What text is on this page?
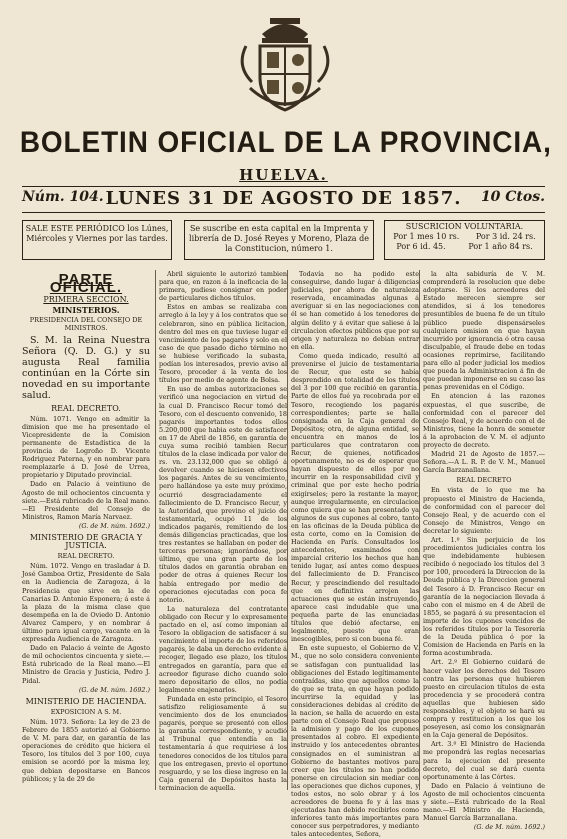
BOLETIN OFICIAL DE LA PROVINCIA,
HUELVA.
Núm. 104. LUNES 31 DE AGOSTO DE 1857.	10 Ctos.
SALE ESTE PERIÓDICO los Lúnes, Miércoles y Viernes por las tardes.
Se suscribe en esta capital en la Imprenta y librería de D. José Reyes y Moreno, Plaza de la Constitucion, número 1.
SUSCRICION VOLUNTARIA.
Por 1 mes 10 rs. Por 3 id. 24 rs.
Por 6 id. 45.	Por 1 año 84 rs.
PARTE OFICIAL.
PRIMERA SECCION.
MINISTERIOS.
PRESIDENCIA DEL CONSEJO DE MINISTROS.

S. M. la Reina Nuestra Señora (Q. D. G.) y su augusta Real familia continúan en la Córte sin novedad en su importante salud.

REAL DECRETO.

Núm. 1071. Vengo en admitir la dimision que me ha presentado el Vicepresidente de la Comision permanente de Estadística de la provincia de Logroño D. Vicente Rodriguez Paterna, y en nombrar para reemplazarle á D. José de Urrea, propietario y Diputado provincial.

Dado en Palacio á veintiuno de Agosto de mil ochocientos cincuenta y siete.—Está rubricado de la Real mano.—El Presidente del Consejo de Ministros, Ramon María Narvaez.

(G. de M. núm. 1692.)
MINISTERIO DE GRACIA Y JUSTICIA.
REAL DECRETO.

Núm. 1072. Vengo en trasladar á D. José Gamboa Ortiz, Presidente de Sala en la Audiencia de Zaragoza, á la Presidencia que sirve en la de Canarias D. Antonio Esponera; á este á la plaza de la misma clase que desempeña en la de Oviedo D. Antonio Alvarez Campero, y en nombrar á último para igual cargo, vacante en la expresada Audiencia de Zaragoza.

Dado en Palacio á veinte de Agosto de mil ochocientos cincuenta y siete.—Está rubricado de la Real mano.—El Ministro de Gracia y Justicia, Pedro J. Pidal.

(G. de M. núm. 1692.)
MINISTERIO DE HACIENDA.
EXPOSICION A S. M.

Núm. 1073. Señora: La ley de 23 de Febrero de 1855 autorizó al Gobierno de V. M. para dar, en garantía de las operaciones de crédito que hiciera el Tesoro, los títulos del 3 por 100, cuya emision se acordó por la misma ley, que debian depositarse en Bancos públicos; y la de 29 de

Abril siguiente le autorizó tambien para que, en razon á la ineficacia de la primera, pudiese consignar en poder de particulares dichos títulos.

Estos en ambas se realizaba con arreglo á la ley y á los contratos que se celebraron, sino en pública licitacion, dentro del mes en que tuviese lugar el vencimiento de los pagarés y solo en el caso de que pasado dicho término no se hubiese verificado la subasta, podían los interesados, previo aviso al Tesoro, proceder á la venta de los títulos por medio de agente de Bolsa.

En uso de ambas autorizaciones se verificó una negociacion en virtud de la cual D. Francisco Recur tomó del Tesoro, con el descuento convenido, 18 pagarés importantes todos ellos 5.200,000 que habia este de satisfacer en 17 de Abril de 1856, en garantía de cuya suma recibió tambien Recur títulos de la clase indicada por valor de rs. vn. 23.132,000 que se obligó á devolver cuando se hiciesen efectivos los pagarés. Antes de su vencimiento, pero hallándose ya este muy próximo, ocurrió desgraciadamente el fallecimiento de D. Francisco Recur, y la Autoridad, que previno el juicio de testamentaría, ocupó 11 de los indicados pagarés, remitiendo de los demás diligencias practicadas, que los tres restantes se hallaban en poder de terceras personas; ignorándose, por último, que una gran parte de los títulos dados en garantía obraban en poder de otras á quienes Recur los había entregado por medio de operaciones ejecutadas con poca fe notorio.

La naturaleza del contratante obligado con Recur y lo expresamente pactado en el, así como imponian al Tesoro la obligacion de satisfacer á su vencimiento el importe de los referidos pagarés, le daba un derecho evidente á recoger, llegado ese plazo, los títulos entregados en garantía, para que el acreedor figurase dicho cuando solo mero depositario de ellos, no podía legalmente enajenarlos.

Fundada en este principio, el Tesoro satisfizo religiosamente á su vencimiento dos de los enunciados pagarés, porque se presentó con ellos la garantía correspondiente, y acudió al Tribunal que entendía en la testamentaría á que requiriese á los tenedores conocidos de los títulos para que los entregasen, previo el oportuno resguardo, y se los diese ingreso en la Caja general de Depósitos hasta la terminacion de aquella.

Todavía no ha podido este conseguirse, dando lugar á diligencias judiciales, por ahora de naturaleza reservada, encaminadas algunas á averiguar si en las negociaciones con él se han cometido á los tenedores de algún delito y á evitar que saliese á la circulacion efectos públicos que por su origen y naturaleza no debian entrar en ella.

Como queda indicado, resultó al prevenirse el juicio de testamentaria de Recur, que este se había desprendido en totalidad de los títulos del 3 por 100 que recibió en garantía. Parte de ellos fué ya recobrada por el Tesoro, recogiendo los pagarés correspondientes; parte se halla consignada en la Caja general de Depósitos; otra, de alguna entidad, se encuentra en manos de los particulares que contrataron con Recur, de quienes, notificados oportunamente, no es de esperar que hayan dispuesto de ellos por no incurrir en la responsabilidad civil y criminal que por este hecho podría exigírseles; pero la restante la mayor, aunque irregularmente, en circulacion como quiera que se han presentado ya algunos de sus cupones al cobro, tanto en las oficinas de la Deuda pública de esta corte, como en la Comision de Hacienda en París. Consultados los antecedentes, examinados con imparcial criterio los hechos que han tenido lugar, así antes como despues del fallecimiento de D. Francisco Recur, y prescindiendo del resultado que en definitiva arrojen las actuaciones que se están instruyendo, aparece casi indudable que una pequeña parte de las enunciadas títulos que debió afectarse, en legalmente, puesto que eran inescogibles, pero si con buena fé.

En este supuesto, el Gobierno de V. M., que no solo considera conveniente se satisfagan con puntualidad las obligaciones del Estado legítimamente contraídas, sino que aquellos como la de que se trata, en que hayan podido incurrirse la equidad y las consideraciones debidas al crédito de la nacion, se halla de acuerdo en esta parte con el Consejo Real que propuso la admision y pago de los cupones presentados al cobro. El expediente instruido y los antecedentes obrantes consignados en el suministran al Gobierno de bastantes motivos para creer que los títulos no han podido ponerse en circulacion sin mediar con las operaciones que dichos cupones, y todos estos, no solo obrar y á los acreedores de buena fe y á las mas ejecutadas han debido recibirlos como inferiores tanto más importantes para conocer sus perpetradores, y medianto tales antecedentes, Señora,

la alta sabiduría de V. M. comprenderá la resolucion que debe adoptarse. Si los acreedores del Estado merecen siempre ser atendidos, si á los tenedores presuntibles de buena fe de un título público puede dispensárseles cualquiera omision en que hayan incurrido por ignorancia ó otra causa disculpable, el fraude debe en todas ocasiones reprimirse, facilitando para ello al poder judicial los medios que pueda la Administracion á fin de que puedan imponerse en su caso las penas prevenidas en el Código.

En atencion á las razones expuestas, el que suscribe, de conformidad con el parecer del Consejo Real, y de acuerdo con el de Ministros, tiene la honra de someter á la aprobacion de V. M. el adjunto proyecto de decreto.

Madrid 21 de Agosto de 1857.—Señora.—A L. R. P. de V. M., Manuel García Barzanallana.

REAL DECRETO

En vista de lo que me ha propuesto el Ministro de Hacienda, de conformidad con el parecer del Consejo Real, y de acuerdo con el Consejo de Ministros, Vengo en decretar lo siguiente:

Art. 1.º Sin perjuicio de los procedimientos judiciales contra los que indebidamente hubiesen recibido ó negociado los títulos del 3 por 100, procederá la Direccion de la Deuda pública y la Direccion general del Tesoro á D. Francisco Recur en garantía de la negociacion llevada á cabo con el mismo en 4 de Abril de 1855, se pagará á su presentacion el importe de los cupones vencidos de los referidos títulos por la Tesorería de la Deuda pública ó por la Comision de Hacienda en París en la forma acostumbrada.

Art. 2.º El Gobierno cuidará de hacer valer los derechos del Tesoro contra las personas que hubieren puesto en circulacion títulos de esta procedencia y se procederá contra aquellas que hubiesen sido responsables, y el objeto se hará su compra y restitucion a los que los poseyesen, así como los consignarán en la Caja general de Depósitos.

Art. 3.º El Ministro de Hacienda me propondrá las reglas necesarias para la ejecucion del presente decreto, del cual se dará cuenta oportunamente á las Córtes.

Dado en Palacio á veintiuno de Agosto de mil ochocientos cincuenta y siete.—Está rubricado de la Real mano.—El Ministro de Hacienda, Manuel García Barzanallana.

(G. de M. núm. 1692.)
